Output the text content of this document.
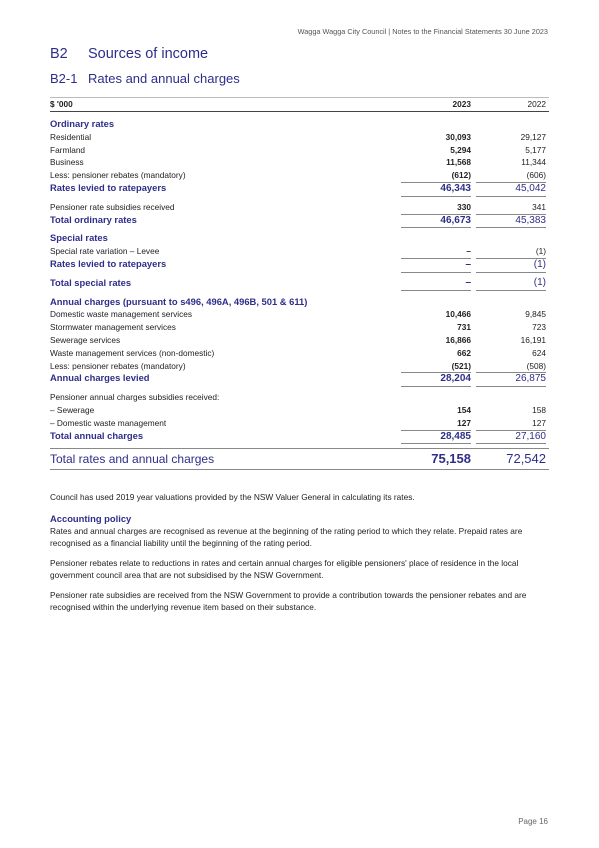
Wagga Wagga City Council | Notes to the Financial Statements 30 June 2023
B2 Sources of income
B2-1 Rates and annual charges
$ '000	2023	2022
Ordinary rates
Residential	30,093	29,127
Farmland	5,294	5,177
Business	11,568	11,344
Less: pensioner rebates (mandatory)	(612)	(606)
Rates levied to ratepayers	46,343	45,042
Pensioner rate subsidies received	330	341
Total ordinary rates	46,673	45,383
Special rates
Special rate variation – Levee	–	(1)
Rates levied to ratepayers	–	(1)
Total special rates	–	(1)
Annual charges (pursuant to s496, 496A, 496B, 501 & 611)
Domestic waste management services	10,466	9,845
Stormwater management services	731	723
Sewerage services	16,866	16,191
Waste management services (non-domestic)	662	624
Less: pensioner rebates (mandatory)	(521)	(508)
Annual charges levied	28,204	26,875
Pensioner annual charges subsidies received:
– Sewerage	154	158
– Domestic waste management	127	127
Total annual charges	28,485	27,160
Total rates and annual charges	75,158	72,542
Council has used 2019 year valuations provided by the NSW Valuer General in calculating its rates.
Accounting policy
Rates and annual charges are recognised as revenue at the beginning of the rating period to which they relate. Prepaid rates are recognised as a financial liability until the beginning of the rating period.
Pensioner rebates relate to reductions in rates and certain annual charges for eligible pensioners' place of residence in the local government council area that are not subsidised by the NSW Government.
Pensioner rate subsidies are received from the NSW Government to provide a contribution towards the pensioner rebates and are recognised within the underlying revenue item based on their substance.
Page 16
